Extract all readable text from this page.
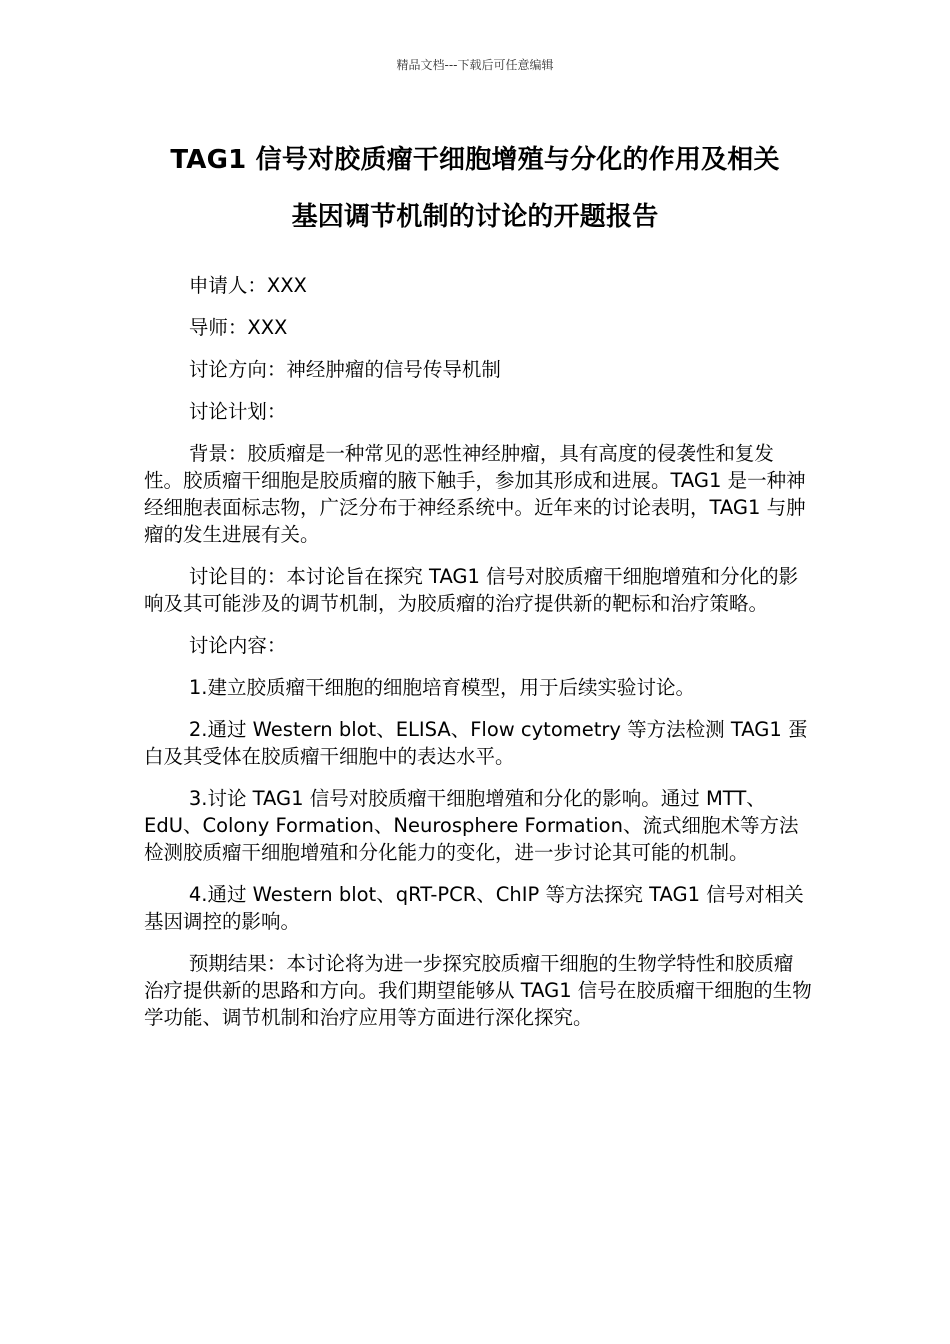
精品文档---下载后可任意编辑
TAG1 信号对胶质瘤干细胞增殖与分化的作用及相关
基因调节机制的讨论的开题报告

申请人：XXX

导师：XXX

讨论方向：神经肿瘤的信号传导机制

讨论计划：

背景：胶质瘤是一种常见的恶性神经肿瘤，具有高度的侵袭性和复发性。胶质瘤干细胞是胶质瘤的腋下触手，参加其形成和进展。TAG1 是一种神经细胞表面标志物，广泛分布于神经系统中。近年来的讨论表明，TAG1 与肿瘤的发生进展有关。

讨论目的：本讨论旨在探究 TAG1 信号对胶质瘤干细胞增殖和分化的影响及其可能涉及的调节机制，为胶质瘤的治疗提供新的靶标和治疗策略。

讨论内容：

1.建立胶质瘤干细胞的细胞培育模型，用于后续实验讨论。

2.通过 Western blot、ELISA、Flow cytometry 等方法检测 TAG1 蛋白及其受体在胶质瘤干细胞中的表达水平。

3.讨论 TAG1 信号对胶质瘤干细胞增殖和分化的影响。通过 MTT、EdU、Colony Formation、Neurosphere Formation、流式细胞术等方法检测胶质瘤干细胞增殖和分化能力的变化，进一步讨论其可能的机制。

4.通过 Western blot、qRT-PCR、ChIP 等方法探究 TAG1 信号对相关基因调控的影响。

预期结果：本讨论将为进一步探究胶质瘤干细胞的生物学特性和胶质瘤治疗提供新的思路和方向。我们期望能够从 TAG1 信号在胶质瘤干细胞的生物学功能、调节机制和治疗应用等方面进行深化探究。
